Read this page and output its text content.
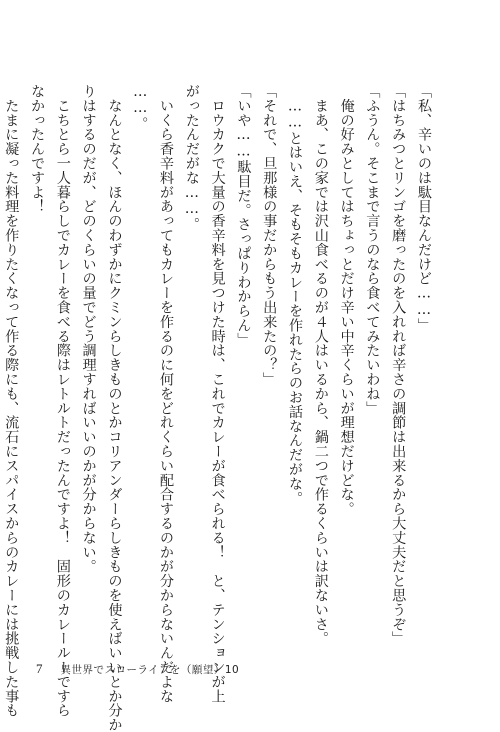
「私、辛いのは駄目なんだけど……」
「はちみつとリンゴを磨ったのを入れれば辛さの調節は出来るから大丈夫だと思うぞ」
「ふうん。そこまで言うのなら食べてみたいわね」
　俺の好みとしてはちょっとだけ辛い中辛くらいが理想だけどな。
　まあ、この家では沢山食べるのが４人はいるから、鍋二つで作るくらいは訳ないさ。
　……とはいえ、そもそもカレーを作れたらのお話なんだがな。
「それで、旦那様の事だからもう出来たの？」
「いや……駄目だ。さっぱりわからん」
　ロウカクで大量の香辛料を見つけた時は、これでカレーが食べられる！　と、テンションが上
がったんだがな……。
　いくら香辛料があってもカレーを作るのに何をどれくらい配合するのかが分からないんだよな
……。
　なんとなく、ほんのわずかにクミンらしきものとかコリアンダーらしきものを使えばいいとか分か
りはするのだが、どのくらいの量でどう調理すればいいのかが分からない。
　こちとら一人暮らしでカレーを食べる際はレトルトだったんですよ！　固形のカレールーですら
なかったんですよ！
　たまに凝った料理を作りたくなって作る際にも、流石にスパイスからのカレーには挑戦した事も	7 異世界でスローライフを（願望）10
